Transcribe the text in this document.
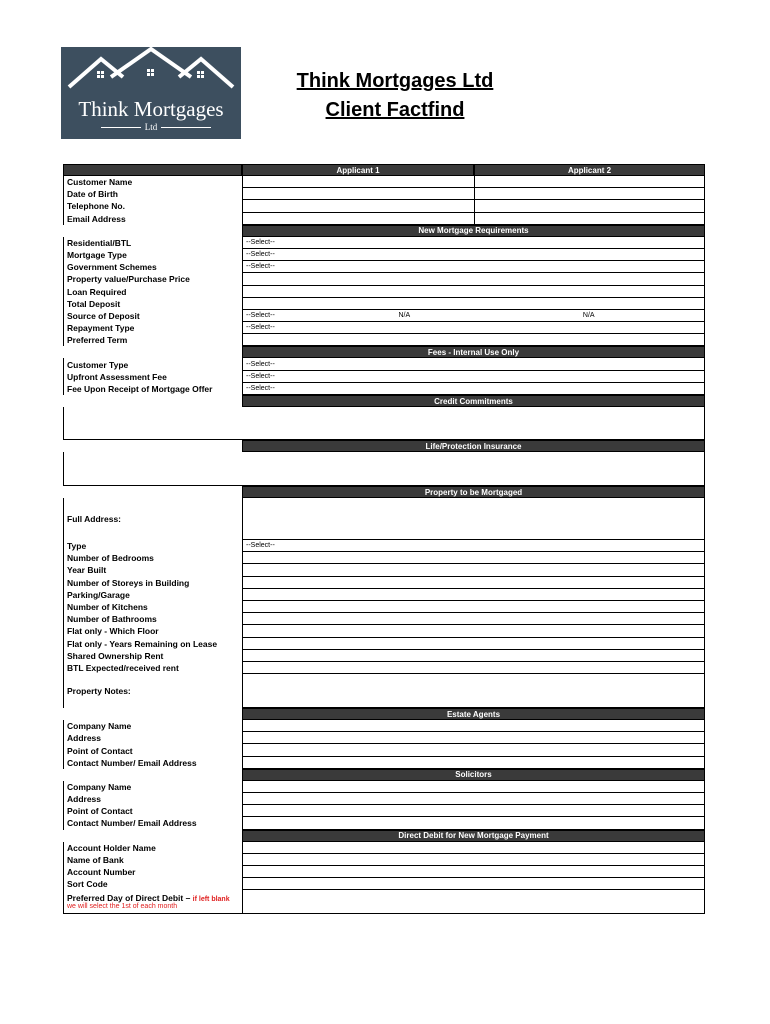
Think Mortgages
Ltd
Think Mortgages Ltd
Client Factfind
Applicant 1	Applicant 2
Customer Name
Date of Birth
Telephone No.
Email Address
New Mortgage Requirements
Residential/BTL	--Select--
Mortgage Type	--Select--
Government Schemes	--Select--
Property value/Purchase Price
Loan Required
Total Deposit
Source of Deposit	--Select--	N/A	N/A
Repayment Type	--Select--
Preferred Term
Fees - Internal Use Only
Customer Type	--Select--
Upfront Assessment Fee	--Select--
Fee Upon Receipt of Mortgage Offer	--Select--
Credit Commitments
Life/Protection Insurance
Property to be Mortgaged
Full Address:
Type	--Select--
Number of Bedrooms
Year Built
Number of Storeys in Building
Parking/Garage
Number of Kitchens
Number of Bathrooms
Flat only - Which Floor
Flat only - Years Remaining on Lease
Shared Ownership Rent
BTL Expected/received rent
Property Notes:
Estate Agents
Company Name
Address
Point of Contact
Contact Number/ Email Address
Solicitors
Company Name
Address
Point of Contact
Contact Number/ Email Address
Direct Debit for New Mortgage Payment
Account Holder Name
Name of Bank
Account Number
Sort Code
Preferred Day of Direct Debit – if left blank
we will select the 1st of each month
